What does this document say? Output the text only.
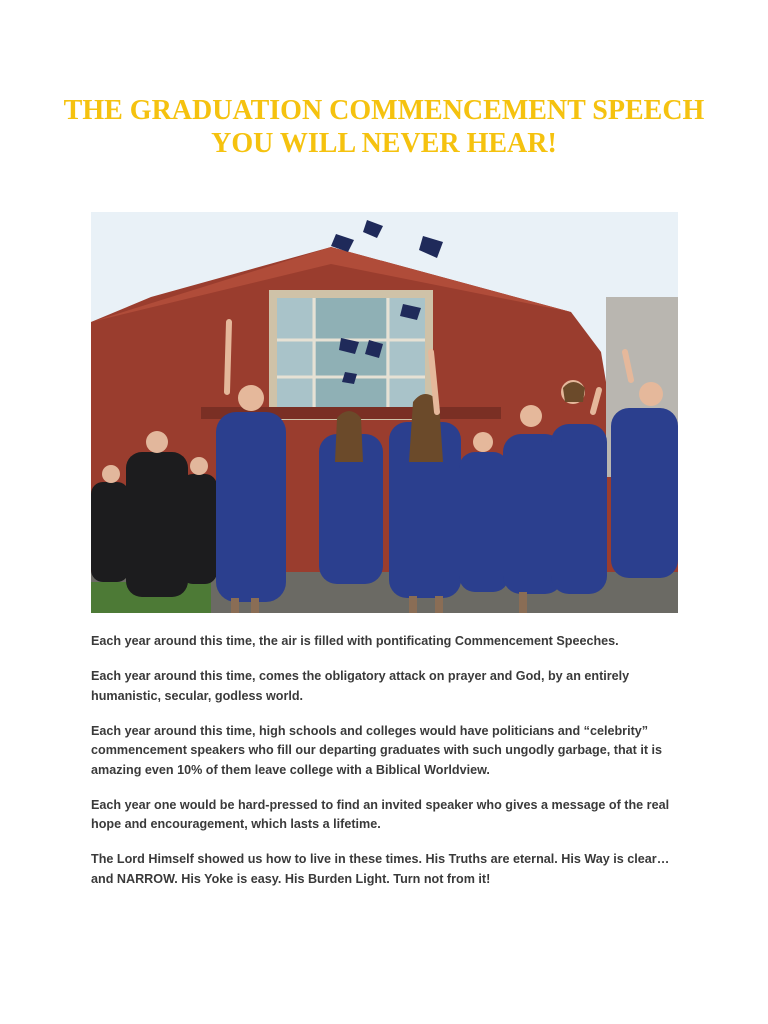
THE GRADUATION COMMENCEMENT SPEECH YOU WILL NEVER HEAR!

Each year around this time, the air is filled with pontificating Commencement Speeches.

Each year around this time, comes the obligatory attack on prayer and God, by an entirely humanistic, secular, godless world.

Each year around this time, high schools and colleges would have politicians and “celebrity” commencement speakers who fill our departing graduates with such ungodly garbage, that it is amazing even 10% of them leave college with a Biblical Worldview.

Each year one would be hard-pressed to find an invited speaker who gives a message of the real hope and encouragement, which lasts a lifetime.

The Lord Himself showed us how to live in these times. His Truths are eternal. His Way is clear…and NARROW. His Yoke is easy. His Burden Light. Turn not from it!
